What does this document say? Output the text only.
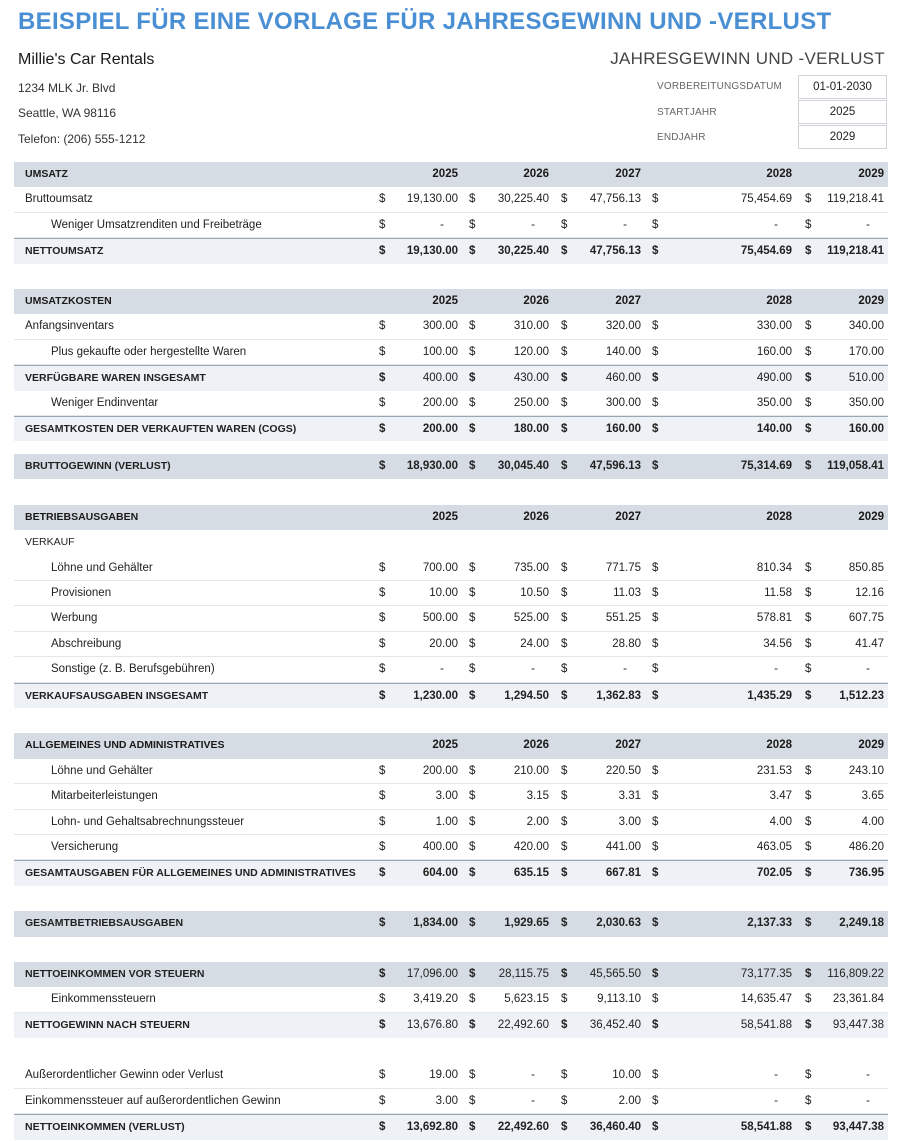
BEISPIEL FÜR EINE VORLAGE FÜR JAHRESGEWINN UND -VERLUST
Millie's Car Rentals
1234 MLK Jr. Blvd
Seattle, WA 98116
Telefon: (206) 555-1212
JAHRESGEWINN UND -VERLUST
VORBEREITUNGSDATUM	01-01-2030
STARTJAHR	2025
ENDJAHR	2029
UMSATZ	2025	2026	2027	2028	2029
Bruttoumsatz	$	19,130.00 $	30,225.40 $	47,756.13 $	75,454.69 $	119,218.41
Weniger Umsatzrenditen und Freibeträge	$	-	$	-	$	-	$	-	$	-
NETTOUMSATZ	$	19,130.00 $	30,225.40 $	47,756.13 $	75,454.69 $	119,218.41
UMSATZKOSTEN	2025	2026	2027	2028	2029
Anfangsinventars	$	300.00 $	310.00 $	320.00 $	330.00 $	340.00
Plus gekaufte oder hergestellte Waren	$	100.00 $	120.00 $	140.00 $	160.00 $	170.00
VERFÜGBARE WAREN INSGESAMT	$	400.00 $	430.00 $	460.00 $	490.00 $	510.00
Weniger Endinventar	$	200.00 $	250.00 $	300.00 $	350.00 $	350.00
GESAMTKOSTEN DER VERKAUFTEN WAREN (COGS)	$	200.00 $	180.00 $	160.00 $	140.00 $	160.00
BRUTTOGEWINN (VERLUST)	$	18,930.00 $	30,045.40 $	47,596.13 $	75,314.69 $	119,058.41
BETRIEBSAUSGABEN	2025	2026	2027	2028	2029
VERKAUF
Löhne und Gehälter	$	700.00 $	735.00 $	771.75 $	810.34 $	850.85
Provisionen	$	10.00 $	10.50 $	11.03 $	11.58 $	12.16
Werbung	$	500.00 $	525.00 $	551.25 $	578.81 $	607.75
Abschreibung	$	20.00 $	24.00 $	28.80 $	34.56 $	41.47
Sonstige (z. B. Berufsgebühren)	$	-	$	-	$	-	$	-	$	-
VERKAUFSAUSGABEN INSGESAMT	$	1,230.00 $	1,294.50 $	1,362.83 $	1,435.29 $	1,512.23
ALLGEMEINES UND ADMINISTRATIVES	2025	2026	2027	2028	2029
Löhne und Gehälter	$	200.00 $	210.00 $	220.50 $	231.53 $	243.10
Mitarbeiterleistungen	$	3.00 $	3.15 $	3.31 $	3.47 $	3.65
Lohn- und Gehaltsabrechnungssteuer	$	1.00 $	2.00 $	3.00 $	4.00 $	4.00
Versicherung	$	400.00 $	420.00 $	441.00 $	463.05 $	486.20
GESAMTAUSGABEN FÜR ALLGEMEINES UND ADMINISTRATIVES $	604.00 $	635.15 $	667.81 $	702.05 $	736.95
GESAMTBETRIEBSAUSGABEN	$	1,834.00 $	1,929.65 $	2,030.63 $	2,137.33 $	2,249.18
NETTOEINKOMMEN VOR STEUERN	$	17,096.00 $	28,115.75 $	45,565.50 $	73,177.35 $	116,809.22
Einkommenssteuern	$	3,419.20 $	5,623.15 $	9,113.10 $	14,635.47 $	23,361.84
NETTOGEWINN NACH STEUERN	$	13,676.80 $	22,492.60 $	36,452.40 $	58,541.88 $	93,447.38
Außerordentlicher Gewinn oder Verlust	$	19.00 $	-	$	10.00 $	-	$	-
Einkommenssteuer auf außerordentlichen Gewinn	$	3.00 $	-	$	2.00 $	-	$	-
NETTOEINKOMMEN (VERLUST)	$	13,692.80 $	22,492.60 $	36,460.40 $	58,541.88 $	93,447.38
